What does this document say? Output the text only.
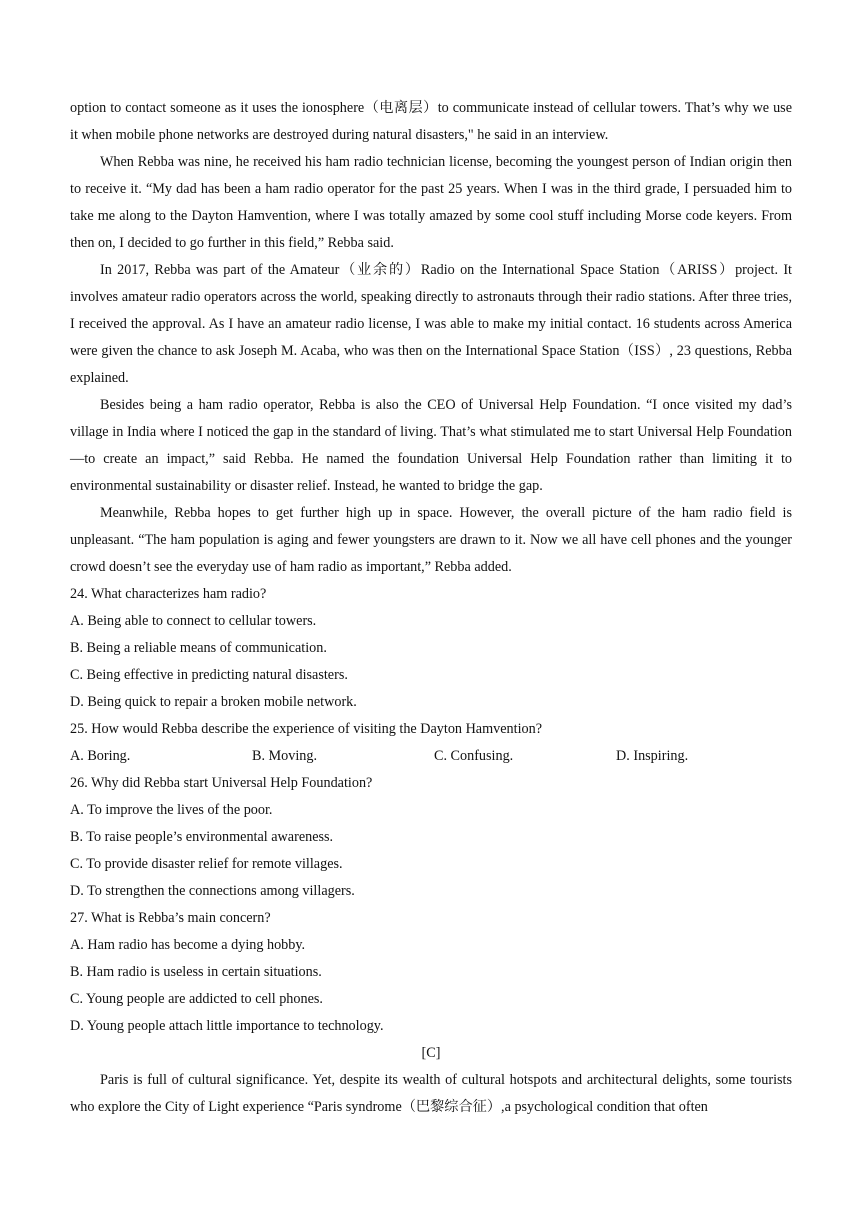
option to contact someone as it uses the ionosphere（电离层）to communicate instead of cellular towers. That’s why we use it when mobile phone networks are destroyed during natural disasters," he said in an interview.

When Rebba was nine, he received his ham radio technician license, becoming the youngest person of Indian origin then to receive it. “My dad has been a ham radio operator for the past 25 years. When I was in the third grade, I persuaded him to take me along to the Dayton Hamvention, where I was totally amazed by some cool stuff including Morse code keyers. From then on, I decided to go further in this field,” Rebba said.

In 2017, Rebba was part of the Amateur（业余的）Radio on the International Space Station（ARISS）project. It involves amateur radio operators across the world, speaking directly to astronauts through their radio stations. After three tries, I received the approval. As I have an amateur radio license, I was able to make my initial contact. 16 students across America were given the chance to ask Joseph M. Acaba, who was then on the International Space Station（ISS）, 23 questions, Rebba explained.

Besides being a ham radio operator, Rebba is also the CEO of Universal Help Foundation. “I once visited my dad’s village in India where I noticed the gap in the standard of living. That’s what stimulated me to start Universal Help Foundation—to create an impact,” said Rebba. He named the foundation Universal Help Foundation rather than limiting it to environmental sustainability or disaster relief. Instead, he wanted to bridge the gap.

Meanwhile, Rebba hopes to get further high up in space. However, the overall picture of the ham radio field is unpleasant. “The ham population is aging and fewer youngsters are drawn to it. Now we all have cell phones and the younger crowd doesn’t see the everyday use of ham radio as important,” Rebba added.

24. What characterizes ham radio?
A. Being able to connect to cellular towers.
B. Being a reliable means of communication.
C. Being effective in predicting natural disasters.
D. Being quick to repair a broken mobile network.
25. How would Rebba describe the experience of visiting the Dayton Hamvention?
A. Boring.	B. Moving.	C. Confusing.	D. Inspiring.
26. Why did Rebba start Universal Help Foundation?
A. To improve the lives of the poor.
B. To raise people’s environmental awareness.
C. To provide disaster relief for remote villages.
D. To strengthen the connections among villagers.
27. What is Rebba’s main concern?
A. Ham radio has become a dying hobby.
B. Ham radio is useless in certain situations.
C. Young people are addicted to cell phones.
D. Young people attach little importance to technology.
[C]

Paris is full of cultural significance. Yet, despite its wealth of cultural hotspots and architectural delights, some tourists who explore the City of Light experience “Paris syndrome（巴黎综合征）,a psychological condition that often
